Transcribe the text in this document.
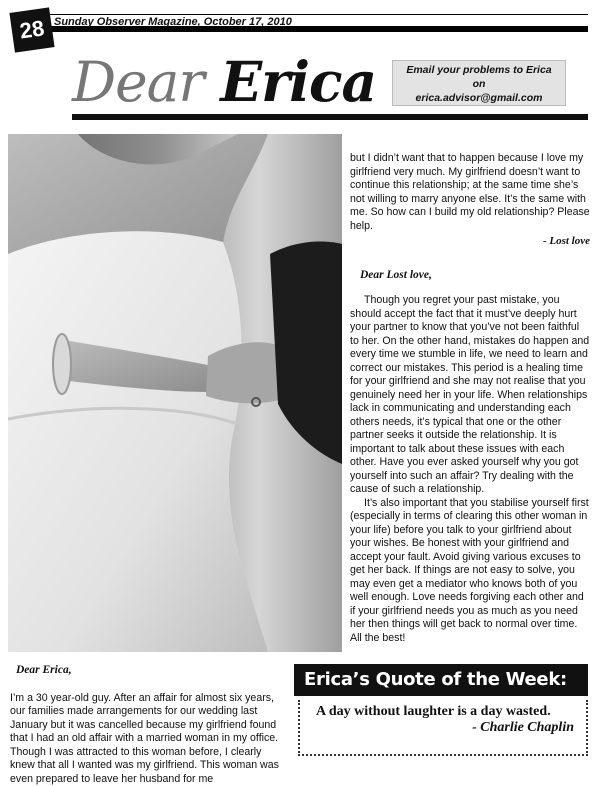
28 Sunday Observer Magazine, October 17, 2010
Dear Erica	Email your problems to Erica
on
erica.advisor@gmail.com

but I didn’t want that to happen because I love my girlfriend very much. My girlfriend doesn’t want to continue this relationship; at the same time she’s not willing to marry anyone else. It’s the same with me. So how can I build my old relationship? Please help.

- Lost love

Dear Lost love,

Though you regret your past mistake, you should accept the fact that it must’ve deeply hurt your partner to know that you’ve not been faithful to her. On the other hand, mistakes do happen and every time we stumble in life, we need to learn and correct our mistakes. This period is a healing time for your girlfriend and she may not realise that you genuinely need her in your life. When relationships lack in communicating and understanding each others needs, it’s typical that one or the other partner seeks it outside the relationship. It is important to talk about these issues with each other. Have you ever asked yourself why you got yourself into such an affair? Try dealing with the cause of such a relationship.

It’s also important that you stabilise yourself first (especially in terms of clearing this other woman in your life) before you talk to your girlfriend about your wishes. Be honest with your girlfriend and accept your fault. Avoid giving various excuses to get her back. If things are not easy to solve, you may even get a mediator who knows both of you well enough. Love needs forgiving each other and if your girlfriend needs you as much as you need her then things will get back to normal over time. All the best!

Dear Erica,

I’m a 30 year-old guy. After an affair for almost six years, our families made arrangements for our wedding last January but it was cancelled because my girlfriend found that I had an old affair with a married woman in my office. Though I was attracted to this woman before, I clearly knew that all I wanted was my girlfriend. This woman was even prepared to leave her husband for me

Erica’s Quote of the Week:
A day without laughter is a day wasted.
- Charlie Chaplin
